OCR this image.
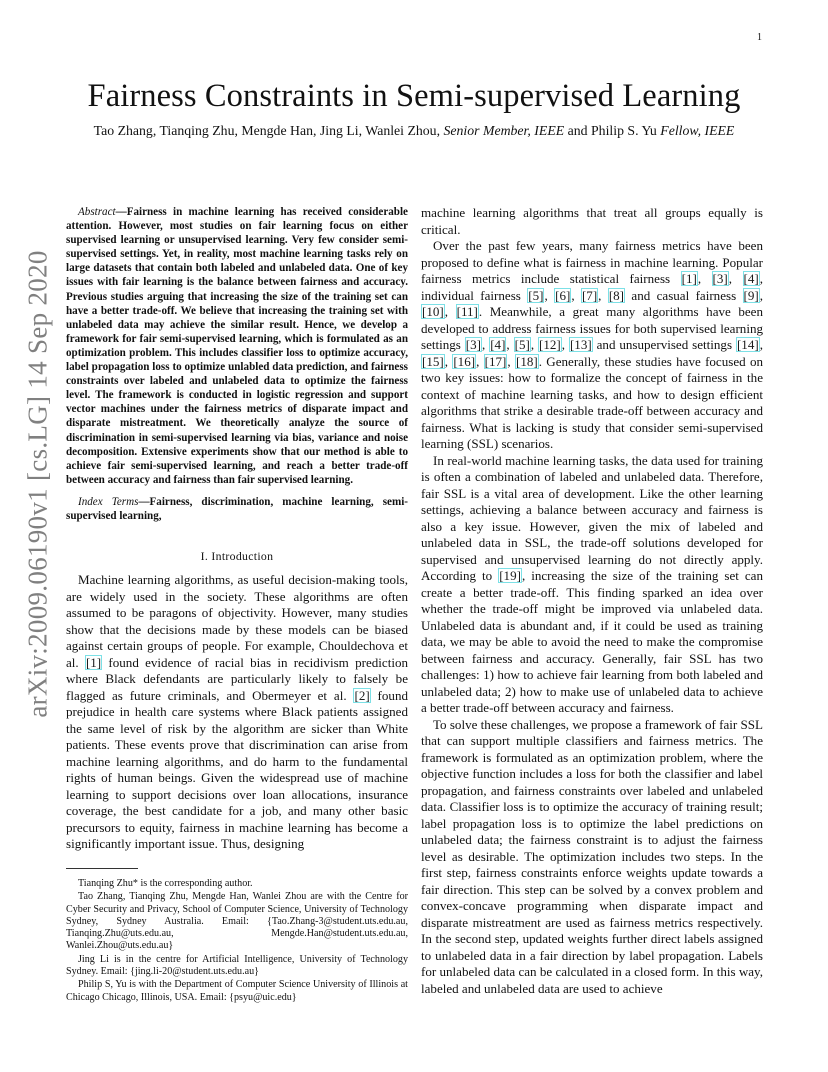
1
arXiv:2009.06190v1 [cs.LG] 14 Sep 2020
Fairness Constraints in Semi-supervised Learning
Tao Zhang, Tianqing Zhu, Mengde Han, Jing Li, Wanlei Zhou, Senior Member, IEEE and Philip S. Yu Fellow, IEEE

Abstract—Fairness in machine learning has received considerable attention. However, most studies on fair learning focus on either supervised learning or unsupervised learning. Very few consider semi-supervised settings. Yet, in reality, most machine learning tasks rely on large datasets that contain both labeled and unlabeled data. One of key issues with fair learning is the balance between fairness and accuracy. Previous studies arguing that increasing the size of the training set can have a better trade-off. We believe that increasing the training set with unlabeled data may achieve the similar result. Hence, we develop a framework for fair semi-supervised learning, which is formulated as an optimization problem. This includes classifier loss to optimize accuracy, label propagation loss to optimize unlabled data prediction, and fairness constraints over labeled and unlabeled data to optimize the fairness level. The framework is conducted in logistic regression and support vector machines under the fairness metrics of disparate impact and disparate mistreatment. We theoretically analyze the source of discrimination in semi-supervised learning via bias, variance and noise decomposition. Extensive experiments show that our method is able to achieve fair semi-supervised learning, and reach a better trade-off between accuracy and fairness than fair supervised learning.

Index Terms—Fairness, discrimination, machine learning, semi-supervised learning,

I. Introduction

Machine learning algorithms, as useful decision-making tools, are widely used in the society. These algorithms are often assumed to be paragons of objectivity. However, many studies show that the decisions made by these models can be biased against certain groups of people. For example, Chouldechova et al. [1] found evidence of racial bias in recidivism prediction where Black defendants are particularly likely to falsely be flagged as future criminals, and Obermeyer et al. [2] found prejudice in health care systems where Black patients assigned the same level of risk by the algorithm are sicker than White patients. These events prove that discrimination can arise from machine learning algorithms, and do harm to the fundamental rights of human beings. Given the widespread use of machine learning to support decisions over loan allocations, insurance coverage, the best candidate for a job, and many other basic precursors to equity, fairness in machine learning has become a significantly important issue. Thus, designing

Tianqing Zhu* is the corresponding author.

Tao Zhang, Tianqing Zhu, Mengde Han, Wanlei Zhou are with the Centre for Cyber Security and Privacy, School of Computer Science, University of Technology Sydney, Sydney Australia. Email: {Tao.Zhang-3@student.uts.edu.au, Tianqing.Zhu@uts.edu.au, Mengde.Han@student.uts.edu.au, Wanlei.Zhou@uts.edu.au}

Jing Li is in the centre for Artificial Intelligence, University of Technology Sydney. Email: {jing.li-20@student.uts.edu.au}

Philip S, Yu is with the Department of Computer Science University of Illinois at Chicago Chicago, Illinois, USA. Email: {psyu@uic.edu}

machine learning algorithms that treat all groups equally is critical.

Over the past few years, many fairness metrics have been proposed to define what is fairness in machine learning. Popular fairness metrics include statistical fairness [1], [3], [4], individual fairness [5], [6], [7], [8] and casual fairness [9], [10], [11]. Meanwhile, a great many algorithms have been developed to address fairness issues for both supervised learning settings [3], [4], [5], [12], [13] and unsupervised settings [14], [15], [16], [17], [18]. Generally, these studies have focused on two key issues: how to formalize the concept of fairness in the context of machine learning tasks, and how to design efficient algorithms that strike a desirable trade-off between accuracy and fairness. What is lacking is study that consider semi-supervised learning (SSL) scenarios.

In real-world machine learning tasks, the data used for training is often a combination of labeled and unlabeled data. Therefore, fair SSL is a vital area of development. Like the other learning settings, achieving a balance between accuracy and fairness is also a key issue. However, given the mix of labeled and unlabeled data in SSL, the trade-off solutions developed for supervised and unsupervised learning do not directly apply. According to [19], increasing the size of the training set can create a better trade-off. This finding sparked an idea over whether the trade-off might be improved via unlabeled data. Unlabeled data is abundant and, if it could be used as training data, we may be able to avoid the need to make the compromise between fairness and accuracy. Generally, fair SSL has two challenges: 1) how to achieve fair learning from both labeled and unlabeled data; 2) how to make use of unlabeled data to achieve a better trade-off between accuracy and fairness.

To solve these challenges, we propose a framework of fair SSL that can support multiple classifiers and fairness metrics. The framework is formulated as an optimization problem, where the objective function includes a loss for both the classifier and label propagation, and fairness constraints over labeled and unlabeled data. Classifier loss is to optimize the accuracy of training result; label propagation loss is to optimize the label predictions on unlabeled data; the fairness constraint is to adjust the fairness level as desirable. The optimization includes two steps. In the first step, fairness constraints enforce weights update towards a fair direction. This step can be solved by a convex problem and convex-concave programming when disparate impact and disparate mistreatment are used as fairness metrics respectively. In the second step, updated weights further direct labels assigned to unlabeled data in a fair direction by label propagation. Labels for unlabeled data can be calculated in a closed form. In this way, labeled and unlabeled data are used to achieve
